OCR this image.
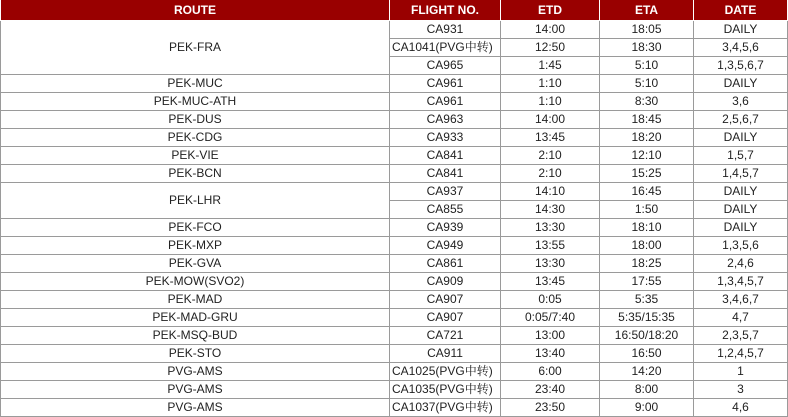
ROUTE	FLIGHT NO.	ETD	ETA	DATE
PEK-FRA	CA931	14:00	18:05	DAILY
	CA1041(PVG中转)	12:50	18:30	3,4,5,6
	CA965	1:45	5:10	1,3,5,6,7
PEK-MUC	CA961	1:10	5:10	DAILY
PEK-MUC-ATH	CA961	1:10	8:30	3,6
PEK-DUS	CA963	14:00	18:45	2,5,6,7
PEK-CDG	CA933	13:45	18:20	DAILY
PEK-VIE	CA841	2:10	12:10	1,5,7
PEK-BCN	CA841	2:10	15:25	1,4,5,7
PEK-LHR	CA937	14:10	16:45	DAILY
	CA855	14:30	1:50	DAILY
PEK-FCO	CA939	13:30	18:10	DAILY
PEK-MXP	CA949	13:55	18:00	1,3,5,6
PEK-GVA	CA861	13:30	18:25	2,4,6
PEK-MOW(SVO2)	CA909	13:45	17:55	1,3,4,5,7
PEK-MAD	CA907	0:05	5:35	3,4,6,7
PEK-MAD-GRU	CA907	0:05/7:40	5:35/15:35	4,7
PEK-MSQ-BUD	CA721	13:00	16:50/18:20	2,3,5,7
PEK-STO	CA911	13:40	16:50	1,2,4,5,7
PVG-AMS	CA1025(PVG中转)	6:00	14:20	1
PVG-AMS	CA1035(PVG中转)	23:40	8:00	3
PVG-AMS	CA1037(PVG中转)	23:50	9:00	4,6
